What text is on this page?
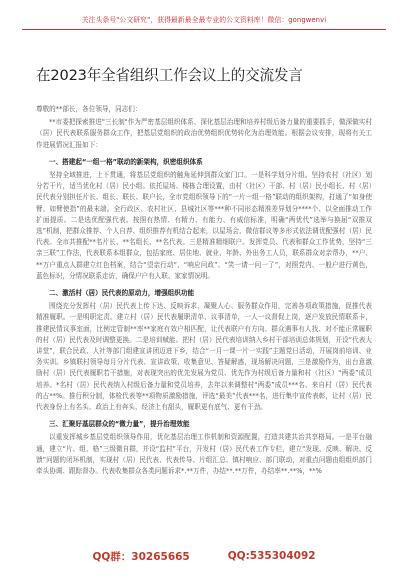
关注头条号"公文研究"，获得最新最全最专业的公文资料库！微信：gongwenvi
在2023年全省组织工作会议上的交流发言

尊敬的**部长，各位领导，同志们：

**市委把探索推进"三长制"作为严密基层组织体系、深化基层治理和培养村级后备力量的重要抓手，做深做实村（居）民代表联系服务群众工作，把基层党组织的政治优势组织优势转化为治理效能。根据会议安排，现将有关工作进展情况汇报如下：

一、搭建起“一组一格”联动的新架构，织密组织体系

坚持全域推进，上下贯通，将基层党组织的触角延伸到群众家门口。一是科学划分片组。坚持农村（社区）划分若干片，适当优化村（居）民小组。依托屋场、楼栋合理设置，由村（社区）干部、村（居）民小组长、村（居）民代表分别担任片长、组长、联长、联户长，全市党组织领导下的“一片一组一格”联动的组织架构，打通了“如身使臂、如臂使指”的最末端。全行政区、农村社区、县城社区等***种不同形态精准差异划分****个、以全面推动工作扩面提质。二是选优配强代表。按照有热情、有精力、有能力、有威信标准，明确“两优代”选举与换届“双推双选”机制，把群众推荐、个人自荐、组织推荐有机结合起来，以屋场会、微信群议等多形式依法调优配强村（居）民代表。全市共推配**名片长、**名组长、**名代表。三是精准精细联户。发挥党员、代表和群众工作优势，坚持“三亲三联”工作法，代表联系本组群众，包括家庭、居住地、就业、年龄、外出务工人员，联系群众对亲帮办，**户、**万户重点人群建立红色档案，结合“望亲行动”、“响应问政”、“笑一请一问一了”，对照党内、一般户进行黄色，蓝色标识，分情况联系走访，确保户户有人联、家家情况明。

二、激活村（居）民代表的原动力，增强组织功能

围绕充分发挥村（居）民代表上传下达、反映诉求、凝聚人心、服务群众作用，完善各项政策措施，促推代表精准履职。一是明职定责。建立村（居）民代表履职清单、议事清单，一人一议督促上岗，逐户发放民情联系卡，推建民情议事室面，比例定管制**率**家庭有效户相匹配，让代表联户有方向、群众遇事有人找、对不能正常履职的村（居）民代表及时调整更换。二是培训赋能。把村（居）民代表培训纳入乡村干部培训总体规划，开设“代表大讲堂”，联合民政、人社等部门组建宣讲团迈进下乡，结合“一月一课一片一实践”主题党日活动，开展岗前培训、业务实训。乡镇联村领导每月分片代表、宣讲政策、收集意见、答疑解惑，现场解决问题，三是激励作为，出台意激励村（居）民代表履职若干措施，对表现突出的优先发展为党员、优先作为村级后备力量和村（社区）“两委”成员培养。*名村（居）民代表纳入村级后备力量和党员培养，去年以来调整村“两委”成员***名、来自村（居）民代表的占**%。推行积分制，体检代表等**项物质激励措施，评选“最美”代表***名，进行集中宣传表彰，让村（居）民代表身份上有名头、政治上有奔头、经济上有甜头，履职更有底气、更有干劲。

三、汇聚好基层群众的“微力量”，提升治理效能

以重发挥城乡基层党组织领导作用，优化基层治理工作机制和资源配置，打造共建共治共享格局。一是平台融通，建立“片、组、格”三级微自群，并设“监村”平台，开发村（居）民代表工作专栏，建立“发现、反映、解决、反馈”问题的闭环机制，实现村（居）民代表、代表传导、片组汇总、镇村响应、部门联动，对重点问题由组组织部门牵头协调、跟踪督办。代表收集群众各类问题诉求*.**万件，办结**.**万件，办结率**.**%，**%

QQ群：30265665	QQ:535304092
